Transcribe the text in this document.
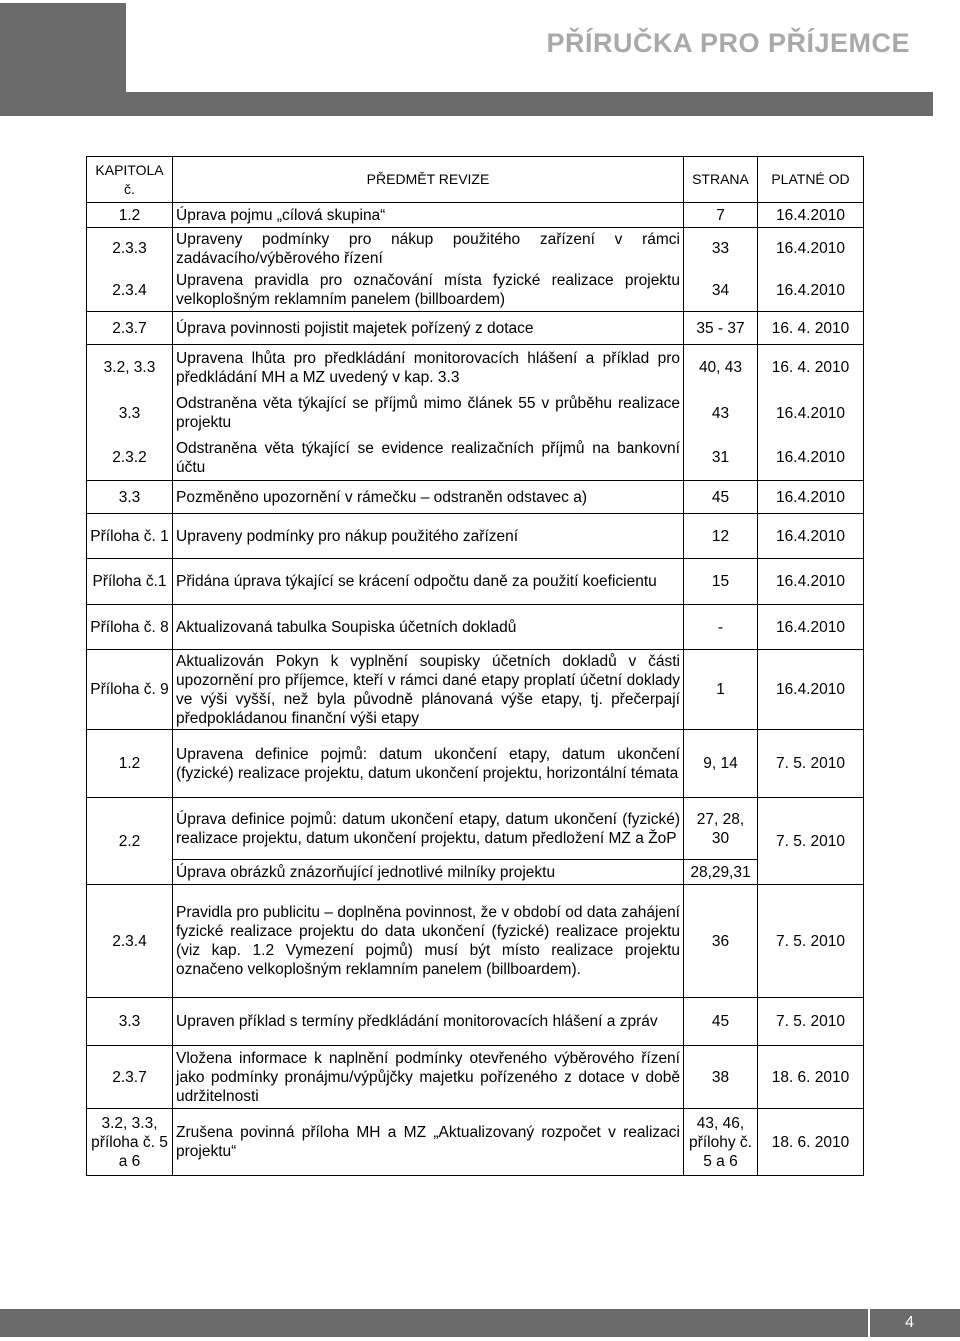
PŘÍRUČKA PRO PŘÍJEMCE
KAPITOLA č.	PŘEDMĚT REVIZE	STRANA	PLATNÉ OD
1.2	Úprava pojmu „cílová skupina“	7	16.4.2010
2.3.3	Upraveny podmínky pro nákup použitého zařízení v rámci zadávacího/výběrového řízení	33	16.4.2010
2.3.4	Upravena pravidla pro označování místa fyzické realizace projektu velkoplošným reklamním panelem (billboardem)	34	16.4.2010
2.3.7	Úprava povinnosti pojistit majetek pořízený z dotace	35 - 37	16. 4. 2010
3.2, 3.3	Upravena lhůta pro předkládání monitorovacích hlášení a příklad pro předkládání MH a MZ uvedený v kap. 3.3	40, 43	16. 4. 2010
3.3	Odstraněna věta týkající se příjmů mimo článek 55 v průběhu realizace projektu	43	16.4.2010
2.3.2	Odstraněna věta týkající se evidence realizačních příjmů na bankovní účtu	31	16.4.2010
3.3	Pozměněno upozornění v rámečku – odstraněn odstavec a)	45	16.4.2010
Příloha č. 1	Upraveny podmínky pro nákup použitého zařízení	12	16.4.2010
Příloha č.1	Přidána úprava týkající se krácení odpočtu daně za použití koeficientu	15	16.4.2010
Příloha č. 8	Aktualizovaná tabulka Soupiska účetních dokladů	-	16.4.2010
Příloha č. 9	Aktualizován Pokyn k vyplnění soupisky účetních dokladů v části upozornění pro příjemce, kteří v rámci dané etapy proplatí účetní doklady ve výši vyšší, než byla původně plánovaná výše etapy, tj. přečerpají předpokládanou finanční výši etapy	1	16.4.2010
1.2	Upravena definice pojmů: datum ukončení etapy, datum ukončení (fyzické) realizace projektu, datum ukončení projektu, horizontální témata	9, 14	7. 5. 2010
2.2	Úprava definice pojmů: datum ukončení etapy, datum ukončení (fyzické) realizace projektu, datum ukončení projektu, datum předložení MZ a ŽoP	27, 28, 30	7. 5. 2010
	Úprava obrázků znázorňující jednotlivé milníky projektu	28,29,31	
2.3.4	Pravidla pro publicitu – doplněna povinnost, že v období od data zahájení fyzické realizace projektu do data ukončení (fyzické) realizace projektu (viz kap. 1.2 Vymezení pojmů) musí být místo realizace projektu označeno velkoplošným reklamním panelem (billboardem).	36	7. 5. 2010
3.3	Upraven příklad s termíny předkládání monitorovacích hlášení a zpráv	45	7. 5. 2010
2.3.7	Vložena informace k naplnění podmínky otevřeného výběrového řízení jako podmínky pronájmu/výpůjčky majetku pořízeného z dotace v době udržitelnosti	38	18. 6. 2010
3.2, 3.3, příloha č. 5 a 6	Zrušena povinná příloha MH a MZ „Aktualizovaný rozpočet v realizaci projektu“	43, 46, přílohy č. 5 a 6	18. 6. 2010
4
